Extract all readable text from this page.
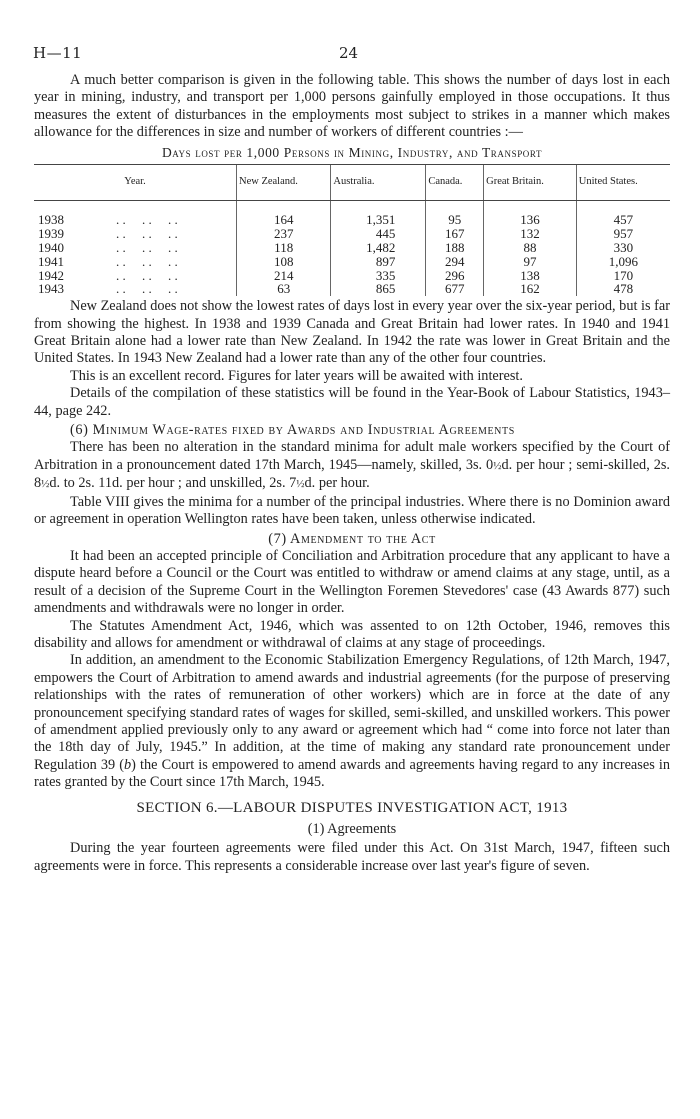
H—11	24

A much better comparison is given in the following table. This shows the number of days lost in each year in mining, industry, and transport per 1,000 persons gainfully employed in those occupations. It thus measures the extent of disturbances in the employments most subject to strikes in a manner which makes allowance for the differences in size and number of workers of different countries :—

Days lost per 1,000 Persons in Mining, Industry, and Transport
Year.	New Zealand.	Australia.	Canada.	Great Britain.	United States.
1938 . .     . .     . .	164	1,351	95	136	457
1939 . .     . .     . .	237	445	167	132	957
1940 . .     . .     . .	118	1,482	188	88	330
1941 . .     . .     . .	108	897	294	97	1,096
1942 . .     . .     . .	214	335	296	138	170
1943 . .     . .     . .	63	865	677	162	478

New Zealand does not show the lowest rates of days lost in every year over the six-year period, but is far from showing the highest. In 1938 and 1939 Canada and Great Britain had lower rates. In 1940 and 1941 Great Britain alone had a lower rate than New Zealand. In 1942 the rate was lower in Great Britain and the United States. In 1943 New Zealand had a lower rate than any of the other four countries.

This is an excellent record. Figures for later years will be awaited with interest.

Details of the compilation of these statistics will be found in the Year-Book of Labour Statistics, 1943–44, page 242.

(6) Minimum Wage-rates fixed by Awards and Industrial Agreements

There has been no alteration in the standard minima for adult male workers specified by the Court of Arbitration in a pronouncement dated 17th March, 1945—namely, skilled, 3s. 0½d. per hour ; semi-skilled, 2s. 8½d. to 2s. 11d. per hour ; and unskilled, 2s. 7½d. per hour.

Table VIII gives the minima for a number of the principal industries. Where there is no Dominion award or agreement in operation Wellington rates have been taken, unless otherwise indicated.

(7) Amendment to the Act

It had been an accepted principle of Conciliation and Arbitration procedure that any applicant to have a dispute heard before a Council or the Court was entitled to withdraw or amend claims at any stage, until, as a result of a decision of the Supreme Court in the Wellington Foremen Stevedores' case (43 Awards 877) such amendments and withdrawals were no longer in order.

The Statutes Amendment Act, 1946, which was assented to on 12th October, 1946, removes this disability and allows for amendment or withdrawal of claims at any stage of proceedings.

In addition, an amendment to the Economic Stabilization Emergency Regulations, of 12th March, 1947, empowers the Court of Arbitration to amend awards and industrial agreements (for the purpose of preserving relationships with the rates of remuneration of other workers) which are in force at the date of any pronouncement specifying standard rates of wages for skilled, semi-skilled, and unskilled workers. This power of amendment applied previously only to any award or agreement which had “ come into force not later than the 18th day of July, 1945.” In addition, at the time of making any standard rate pronouncement under Regulation 39 (b) the Court is empowered to amend awards and agreements having regard to any increases in rates granted by the Court since 17th March, 1945.

SECTION 6.—LABOUR DISPUTES INVESTIGATION ACT, 1913
(1) Agreements

During the year fourteen agreements were filed under this Act. On 31st March, 1947, fifteen such agreements were in force. This represents a considerable increase over last year's figure of seven.
